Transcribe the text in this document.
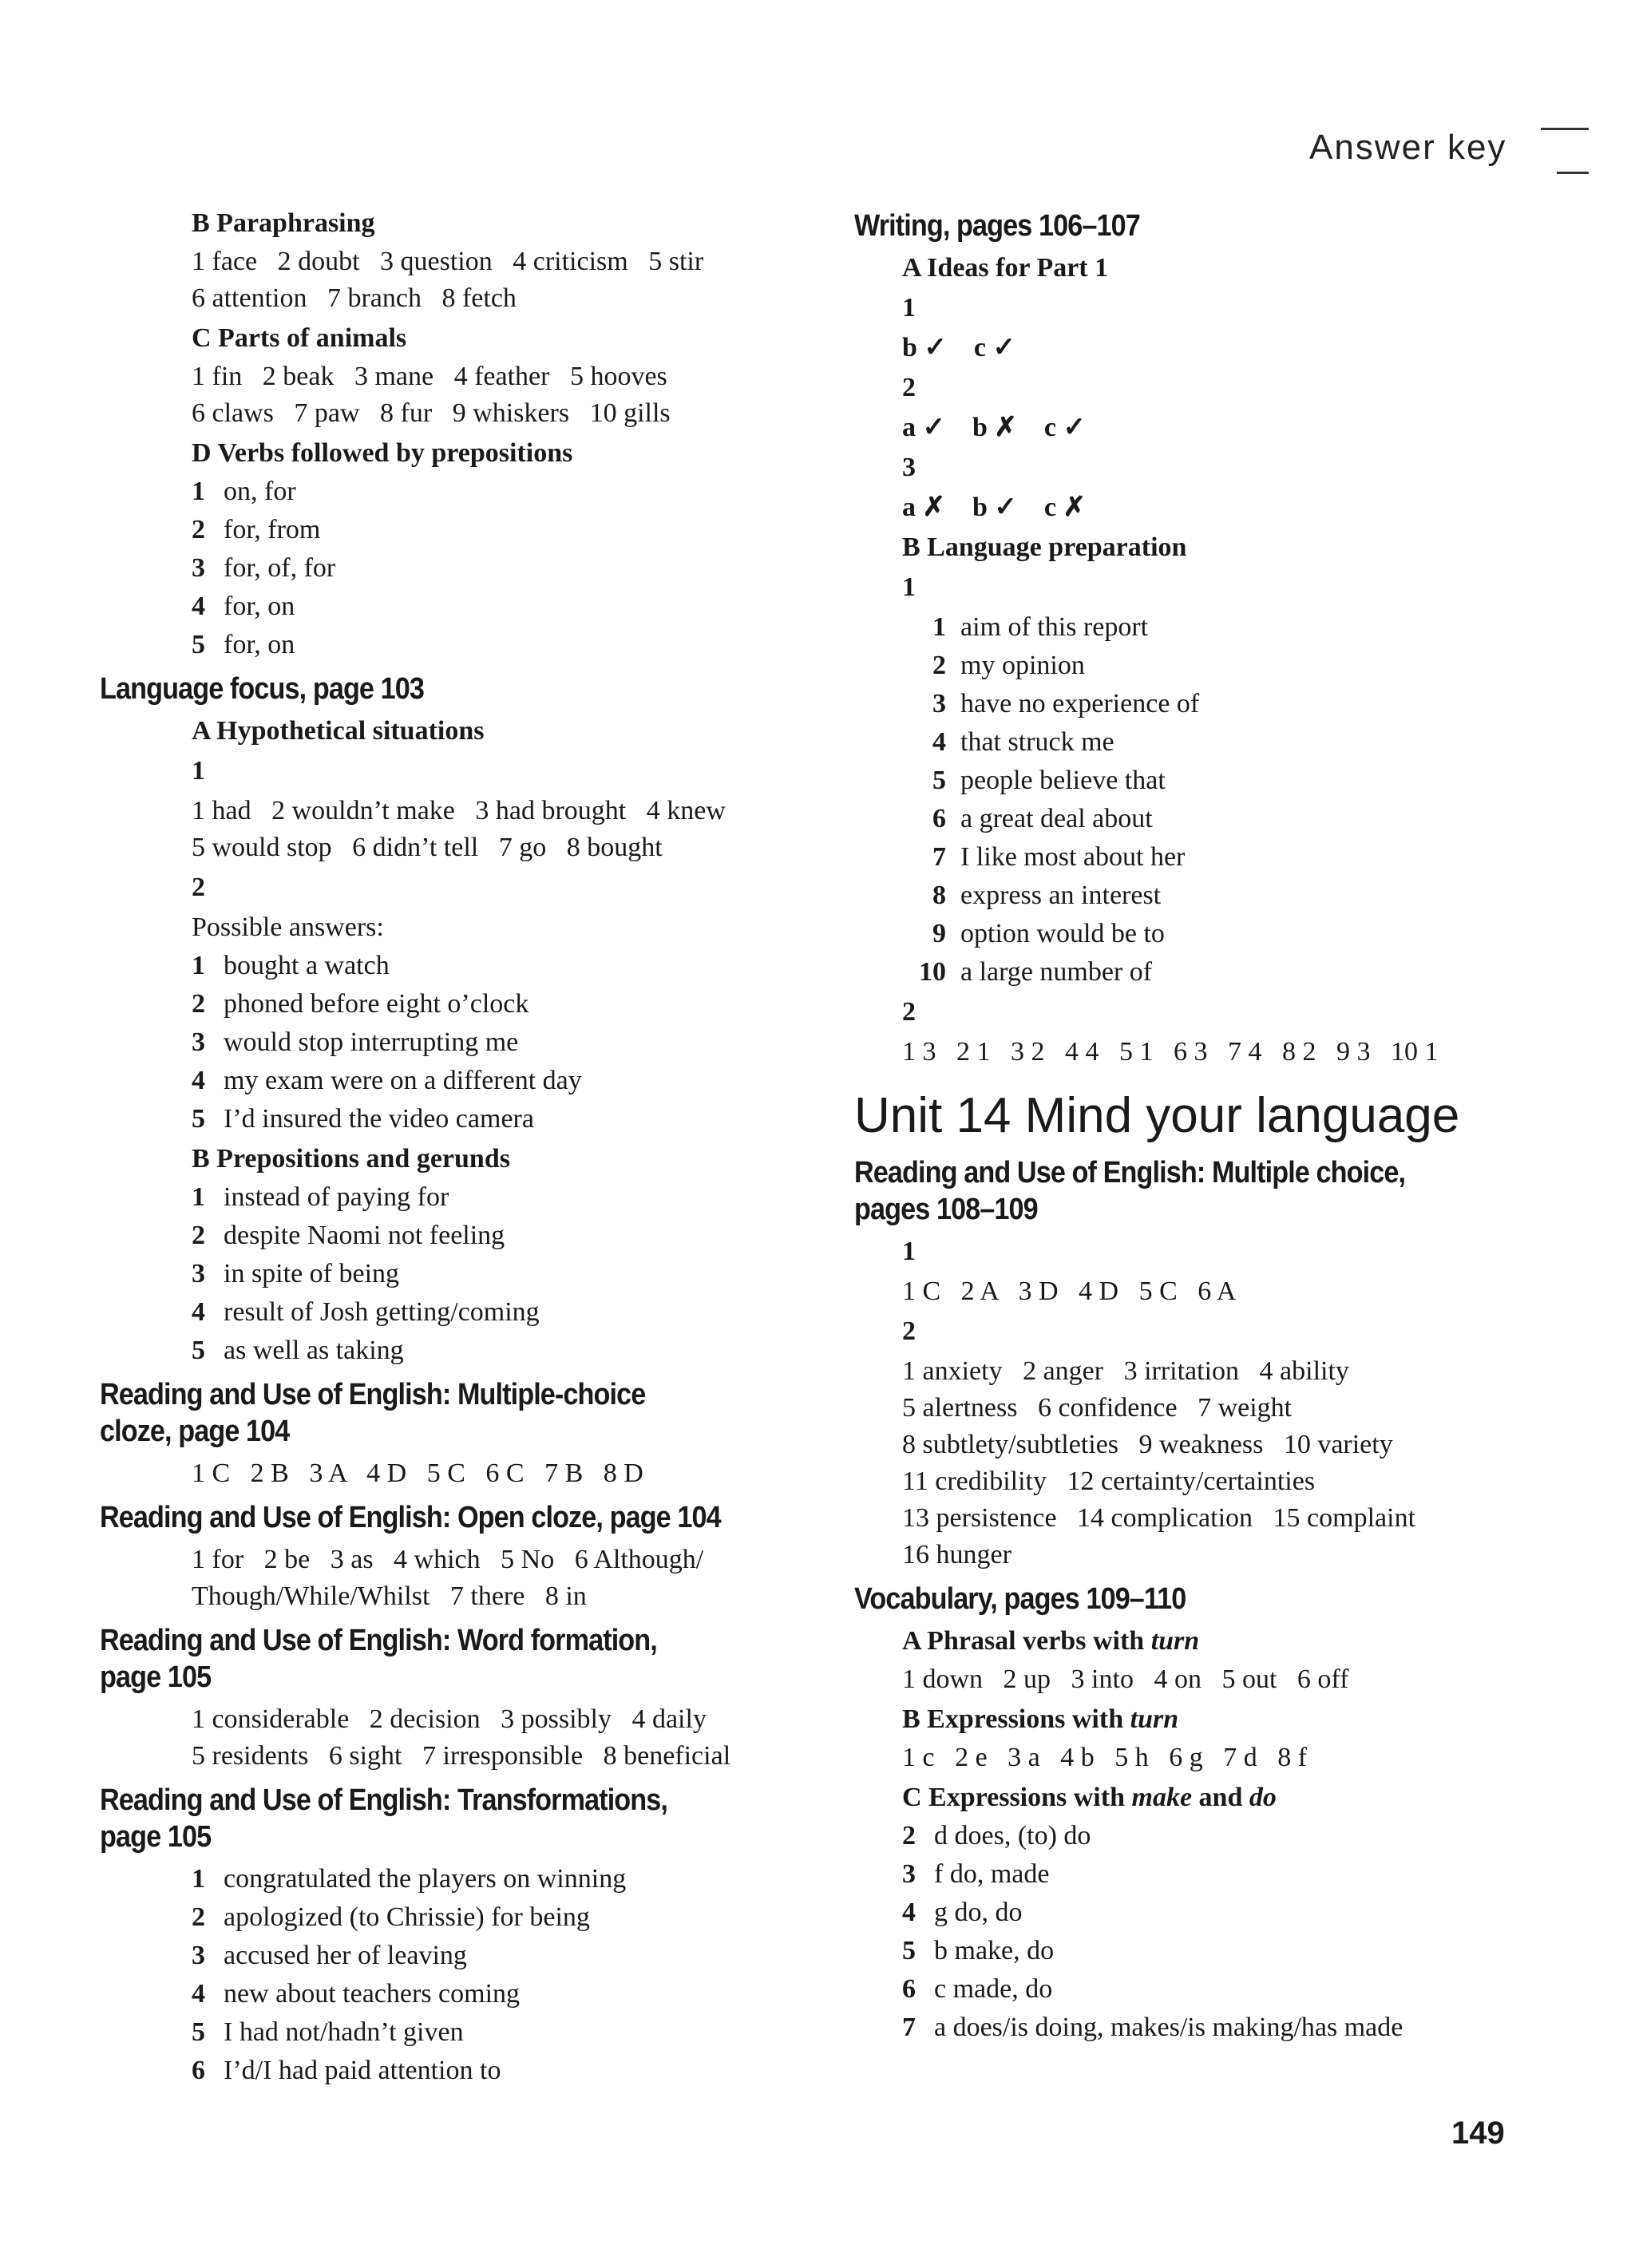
Answer key
B Paraphrasing
1 face   2 doubt   3 question   4 criticism   5 stir
6 attention   7 branch   8 fetch
C Parts of animals
1 fin   2 beak   3 mane   4 feather   5 hooves
6 claws   7 paw   8 fur   9 whiskers   10 gills
D Verbs followed by prepositions
1 on, for
2 for, from
3 for, of, for
4 for, on
5 for, on
Language focus, page 103
A Hypothetical situations
1
1 had   2 wouldn’t make   3 had brought   4 knew
5 would stop   6 didn’t tell   7 go   8 bought
2
Possible answers:
1 bought a watch
2 phoned before eight o’clock
3 would stop interrupting me
4 my exam were on a different day
5 I’d insured the video camera
B Prepositions and gerunds
1 instead of paying for
2 despite Naomi not feeling
3 in spite of being
4 result of Josh getting/coming
5 as well as taking
Reading and Use of English: Multiple-choice
cloze, page 104
1 C   2 B   3 A   4 D   5 C   6 C   7 B   8 D
Reading and Use of English: Open cloze, page 104
1 for   2 be   3 as   4 which   5 No   6 Although/
Though/While/Whilst   7 there   8 in
Reading and Use of English: Word formation,
page 105
1 considerable   2 decision   3 possibly   4 daily
5 residents   6 sight   7 irresponsible   8 beneficial
Reading and Use of English: Transformations,
page 105
1 congratulated the players on winning
2 apologized (to Chrissie) for being
3 accused her of leaving
4 new about teachers coming
5 I had not/hadn’t given
6 I’d/I had paid attention to
Writing, pages 106–107
A Ideas for Part 1
1
b ✓    c ✓
2
a ✓    b ✗    c ✓
3
a ✗    b ✓    c ✗
B Language preparation
1
1 aim of this report
2 my opinion
3 have no experience of
4 that struck me
5 people believe that
6 a great deal about
7 I like most about her
8 express an interest
9 option would be to
10 a large number of
2
1 3   2 1   3 2   4 4   5 1   6 3   7 4   8 2   9 3   10 1
Unit 14 Mind your language
Reading and Use of English: Multiple choice,
pages 108–109
1
1 C   2 A   3 D   4 D   5 C   6 A
2
1 anxiety   2 anger   3 irritation   4 ability
5 alertness   6 confidence   7 weight
8 subtlety/subtleties   9 weakness   10 variety
11 credibility   12 certainty/certainties
13 persistence   14 complication   15 complaint
16 hunger
Vocabulary, pages 109–110
A Phrasal verbs with turn
1 down   2 up   3 into   4 on   5 out   6 off
B Expressions with turn
1 c   2 e   3 a   4 b   5 h   6 g   7 d   8 f
C Expressions with make and do
2 d does, (to) do
3 f do, made
4 g do, do
5 b make, do
6 c made, do
7 a does/is doing, makes/is making/has made
149
